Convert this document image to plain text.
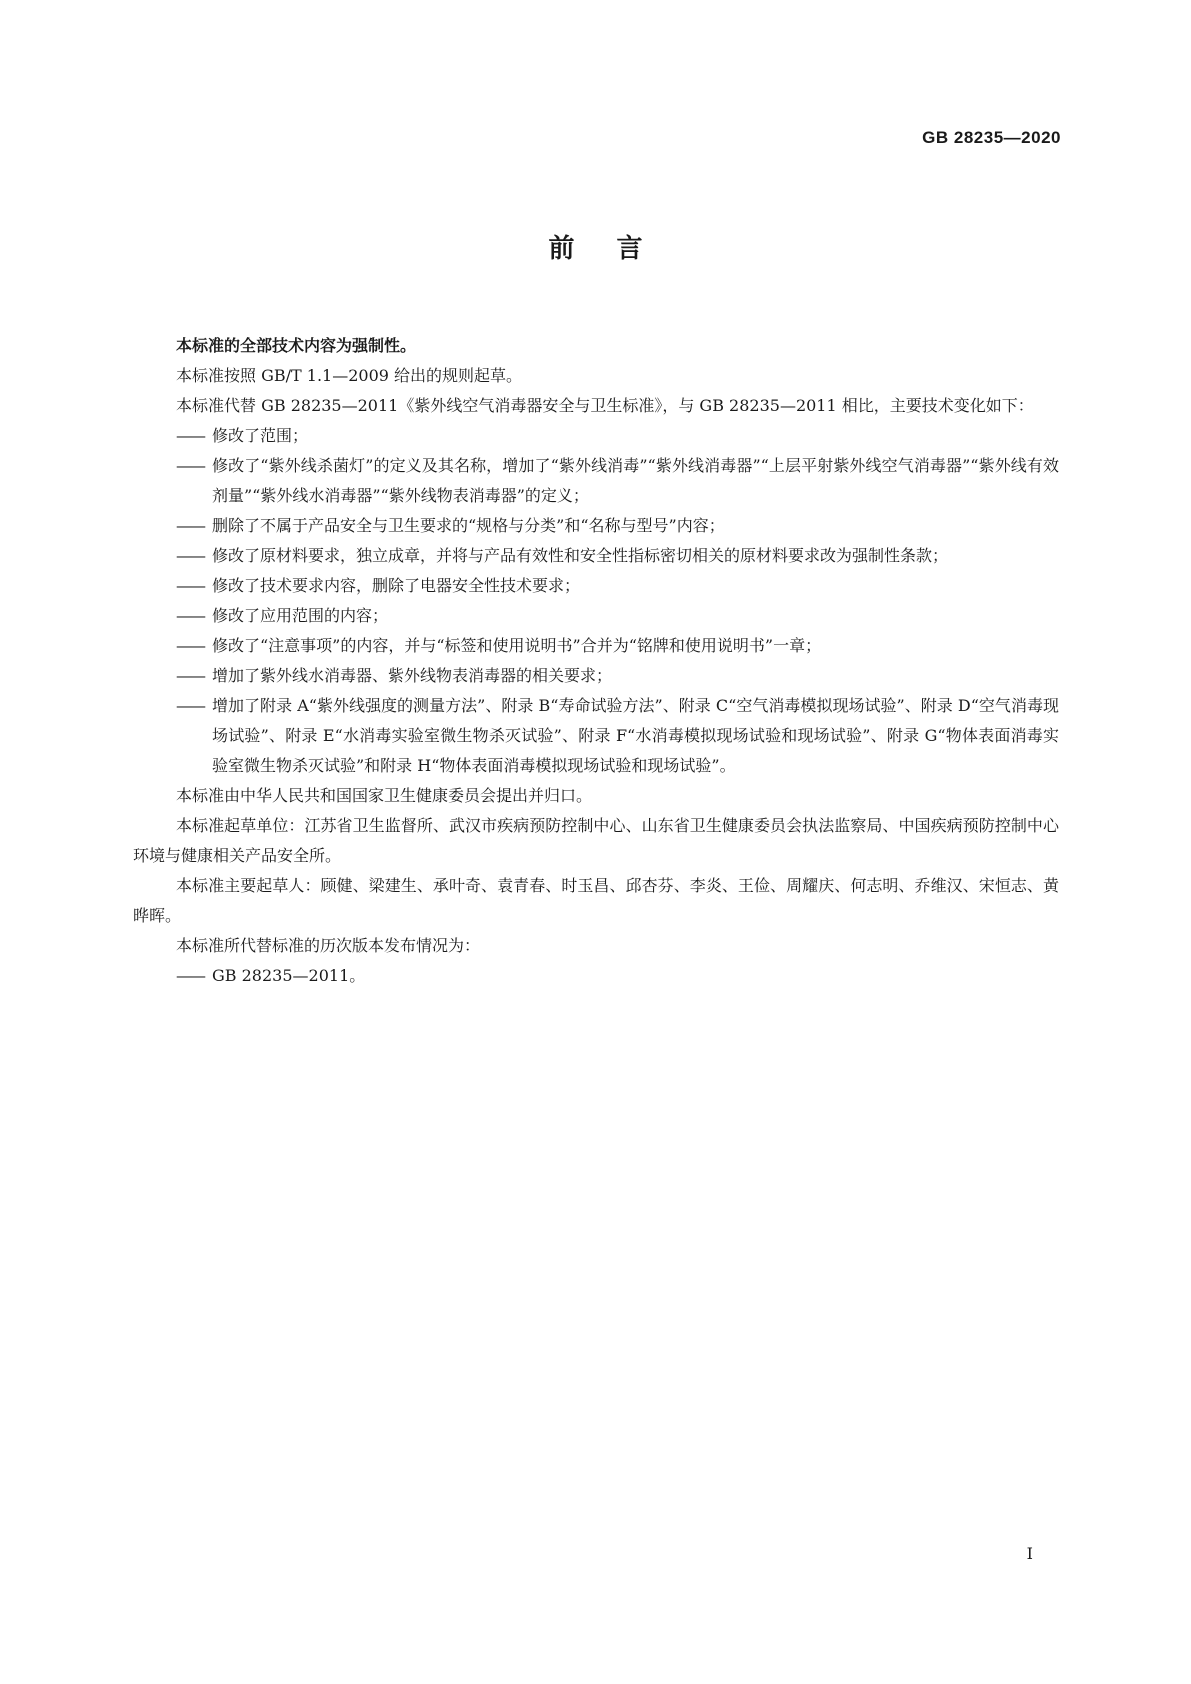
GB 28235—2020
前言

本标准的全部技术内容为强制性。

本标准按照 GB/T 1.1—2009 给出的规则起草。

本标准代替 GB 28235—2011《紫外线空气消毒器安全与卫生标准》，与 GB 28235—2011 相比，主要技术变化如下：

—— 修改了范围；

—— 修改了“紫外线杀菌灯”的定义及其名称，增加了“紫外线消毒”“紫外线消毒器”“上层平射紫外线空气消毒器”“紫外线有效剂量”“紫外线水消毒器”“紫外线物表消毒器”的定义；

—— 删除了不属于产品安全与卫生要求的“规格与分类”和“名称与型号”内容；

—— 修改了原材料要求，独立成章，并将与产品有效性和安全性指标密切相关的原材料要求改为强制性条款；

—— 修改了技术要求内容，删除了电器安全性技术要求；

—— 修改了应用范围的内容；

—— 修改了“注意事项”的内容，并与“标签和使用说明书”合并为“铭牌和使用说明书”一章；

—— 增加了紫外线水消毒器、紫外线物表消毒器的相关要求；

—— 增加了附录 A“紫外线强度的测量方法”、附录 B“寿命试验方法”、附录 C“空气消毒模拟现场试验”、附录 D“空气消毒现场试验”、附录 E“水消毒实验室微生物杀灭试验”、附录 F“水消毒模拟现场试验和现场试验”、附录 G“物体表面消毒实验室微生物杀灭试验”和附录 H“物体表面消毒模拟现场试验和现场试验”。

本标准由中华人民共和国国家卫生健康委员会提出并归口。

本标准起草单位：江苏省卫生监督所、武汉市疾病预防控制中心、山东省卫生健康委员会执法监察局、中国疾病预防控制中心环境与健康相关产品安全所。

本标准主要起草人：顾健、梁建生、承叶奇、袁青春、时玉昌、邱杏芬、李炎、王俭、周耀庆、何志明、乔维汉、宋恒志、黄晔晖。

本标准所代替标准的历次版本发布情况为：

—— GB 28235—2011。

I
